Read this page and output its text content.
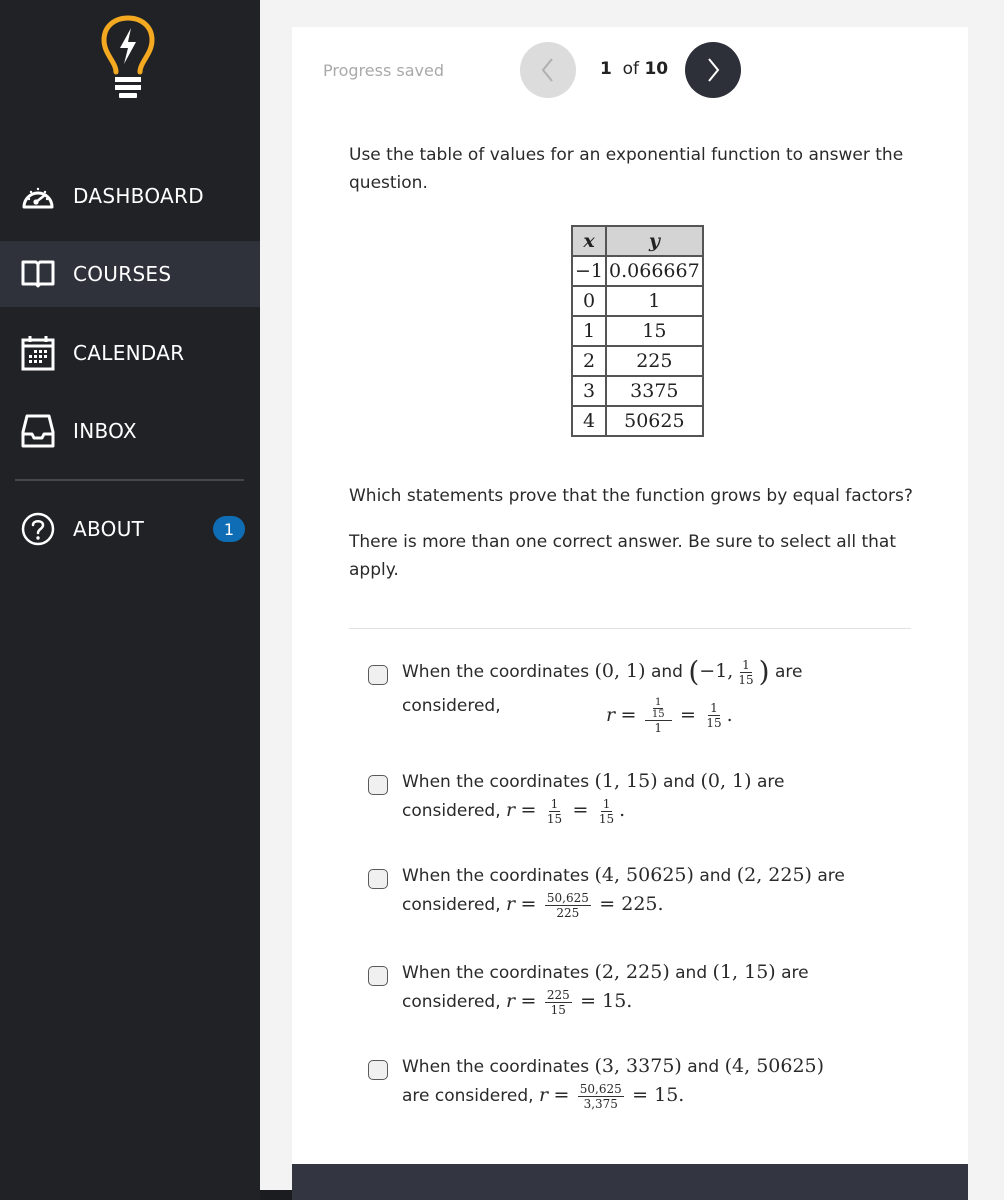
DASHBOARD
COURSES
CALENDAR
INBOX
ABOUT	1
Progress saved	1 of 10

Use the table of values for an exponential function to answer the question.

x	y
−1	0.066667
0	1
1	15
2	225
3	3375
4	50625

Which statements prove that the function grows by equal factors?

There is more than one correct answer. Be sure to select all that apply.

When the coordinates (0, 1) and (−1, $\frac{1}{15}$ ) are
considered,	$r = \frac{\frac{1}{15}}{1} = \frac{1}{15}$ .
When the coordinates (1, 15) and (0, 1) are
considered, $r = \frac{1}{15} = \frac{1}{15}$ .
When the coordinates (4, 50625) and (2, 225) are
considered, $r = \frac{50,625}{225} = 225$.
When the coordinates (2, 225) and (1, 15) are
considered, $r = \frac{225}{15} = 15$.
When the coordinates (3, 3375) and (4, 50625)
are considered, $r = \frac{50,625}{3,375} = 15$.
